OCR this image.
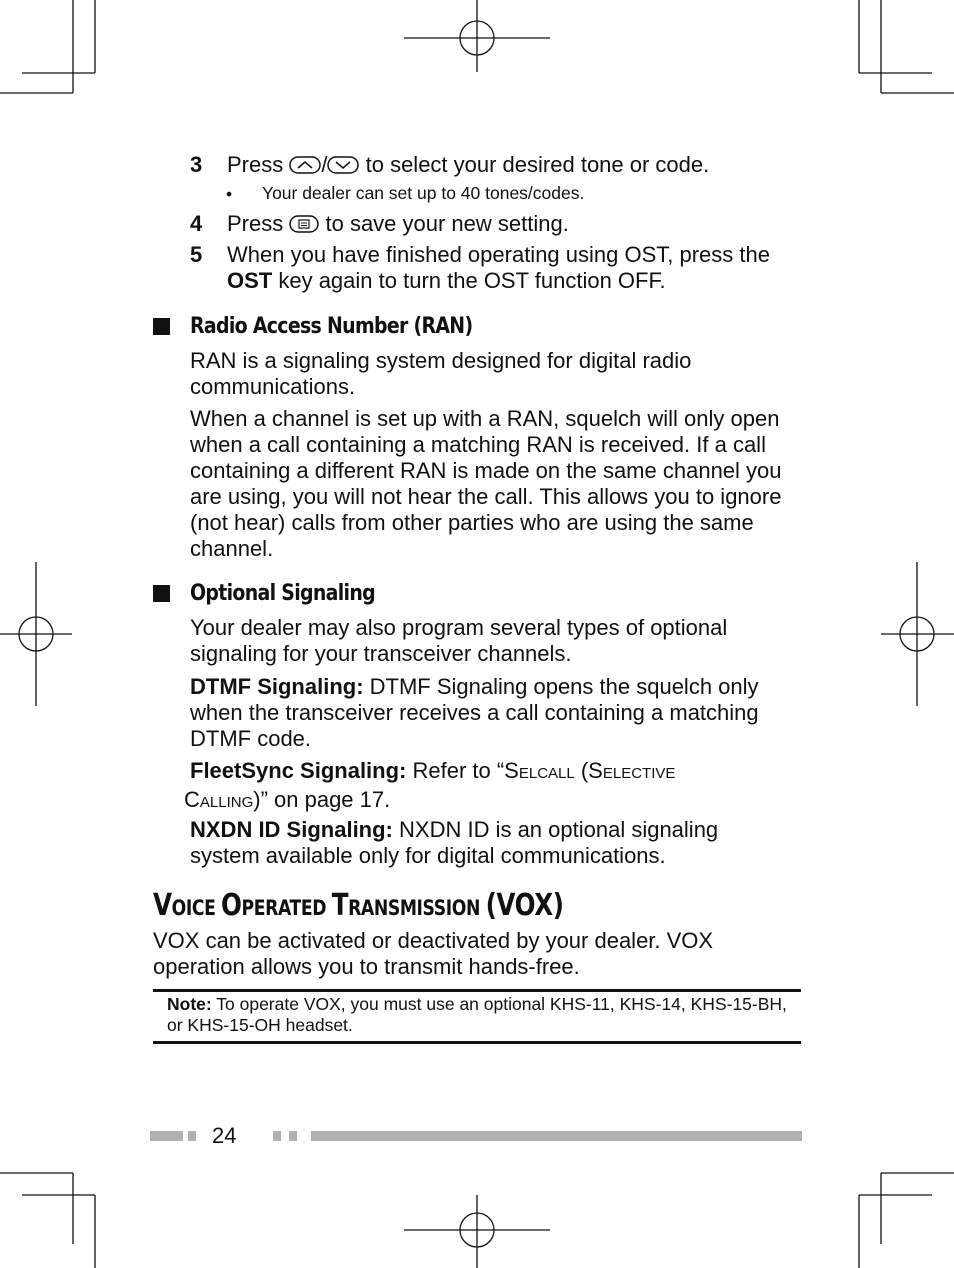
3 Press / to select your desired tone or code.
• Your dealer can set up to 40 tones/codes.
4 Press  to save your new setting.
5 When you have finished operating using OST, press the
OST key again to turn the OST function OFF.
Radio Access Number (RAN)
RAN is a signaling system designed for digital radio communications.
When a channel is set up with a RAN, squelch will only open when a call containing a matching RAN is received. If a call containing a different RAN is made on the same channel you are using, you will not hear the call. This allows you to ignore (not hear) calls from other parties who are using the same channel.
Optional Signaling
Your dealer may also program several types of optional signaling for your transceiver channels.
DTMF Signaling: DTMF Signaling opens the squelch only when the transceiver receives a call containing a matching DTMF code.
FleetSync Signaling: Refer to “SELCALL (SELECTIVE
CALLING)” on page 17.
NXDN ID Signaling: NXDN ID is an optional signaling system available only for digital communications.
VOICE OPERATED TRANSMISSION (VOX)
VOX can be activated or deactivated by your dealer. VOX operation allows you to transmit hands-free.
Note: To operate VOX, you must use an optional KHS-11, KHS-14, KHS-15-BH, or KHS-15-OH headset.
24
